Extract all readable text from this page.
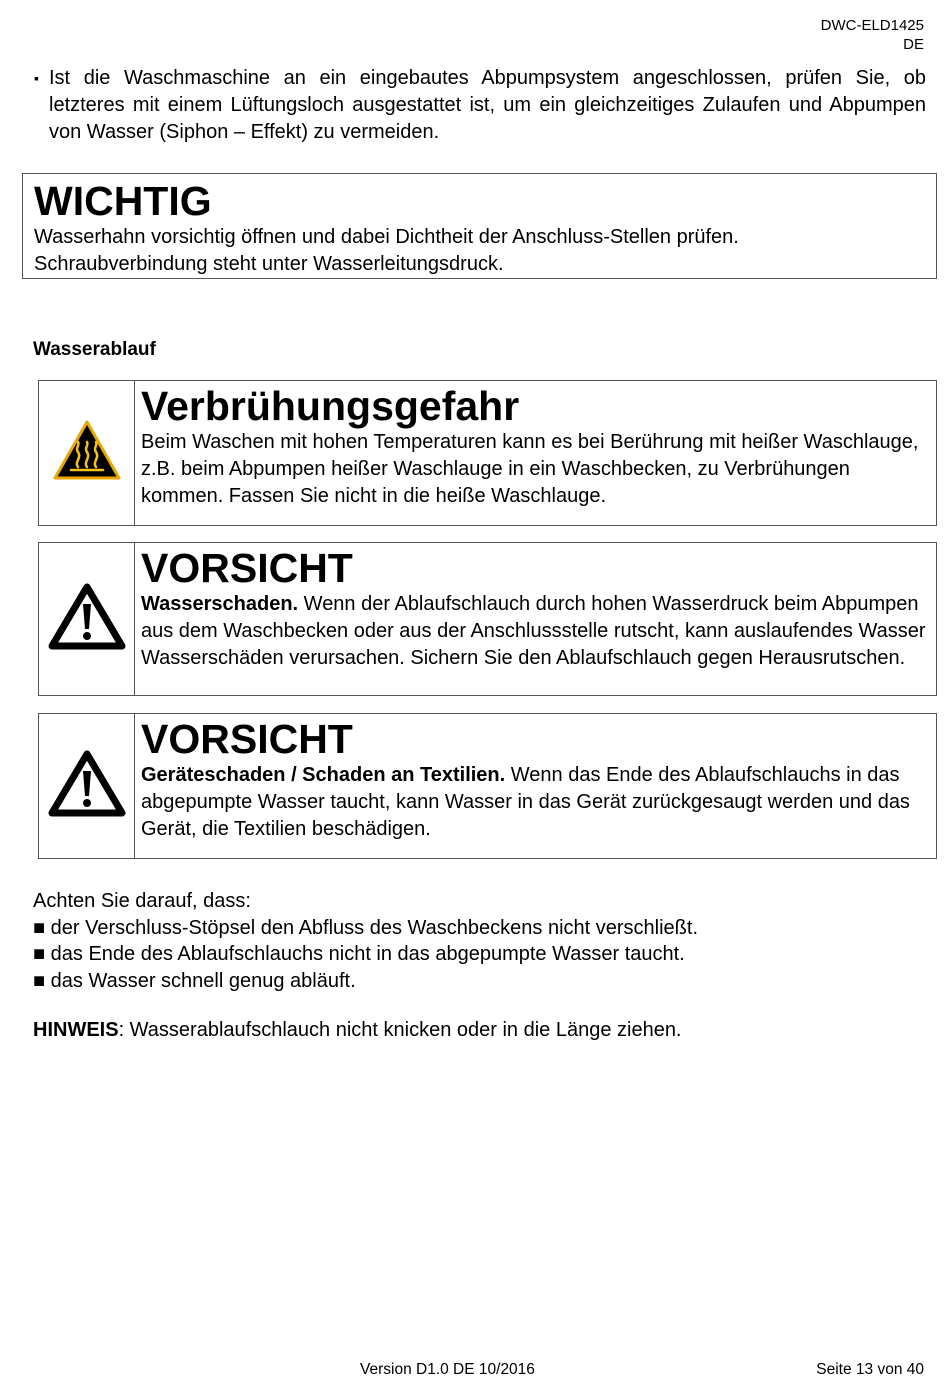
DWC-ELD1425
DE
▪ Ist die Waschmaschine an ein eingebautes Abpumpsystem angeschlossen, prüfen Sie, ob letzteres mit einem Lüftungsloch ausgestattet ist, um ein gleichzeitiges Zulaufen und Abpumpen von Wasser (Siphon – Effekt) zu vermeiden.
WICHTIG
Wasserhahn vorsichtig öffnen und dabei Dichtheit der Anschluss-Stellen prüfen.
Schraubverbindung steht unter Wasserleitungsdruck.
Wasserablauf
Verbrühungsgefahr
Beim Waschen mit hohen Temperaturen kann es bei Berührung mit heißer Waschlauge, z.B. beim Abpumpen heißer Waschlauge in ein Waschbecken, zu Verbrühungen kommen. Fassen Sie nicht in die heiße Waschlauge.
VORSICHT
Wasserschaden. Wenn der Ablaufschlauch durch hohen Wasserdruck beim Abpumpen aus dem Waschbecken oder aus der Anschlussstelle rutscht, kann auslaufendes Wasser Wasserschäden verursachen. Sichern Sie den Ablaufschlauch gegen Herausrutschen.
VORSICHT
Geräteschaden / Schaden an Textilien. Wenn das Ende des Ablaufschlauchs in das abgepumpte Wasser taucht, kann Wasser in das Gerät zurückgesaugt werden und das Gerät, die Textilien beschädigen.
Achten Sie darauf, dass:
■ der Verschluss-Stöpsel den Abfluss des Waschbeckens nicht verschließt.
■ das Ende des Ablaufschlauchs nicht in das abgepumpte Wasser taucht.
■ das Wasser schnell genug abläuft.
HINWEIS: Wasserablaufschlauch nicht knicken oder in die Länge ziehen.
Version D1.0 DE 10/2016	Seite 13 von 40
